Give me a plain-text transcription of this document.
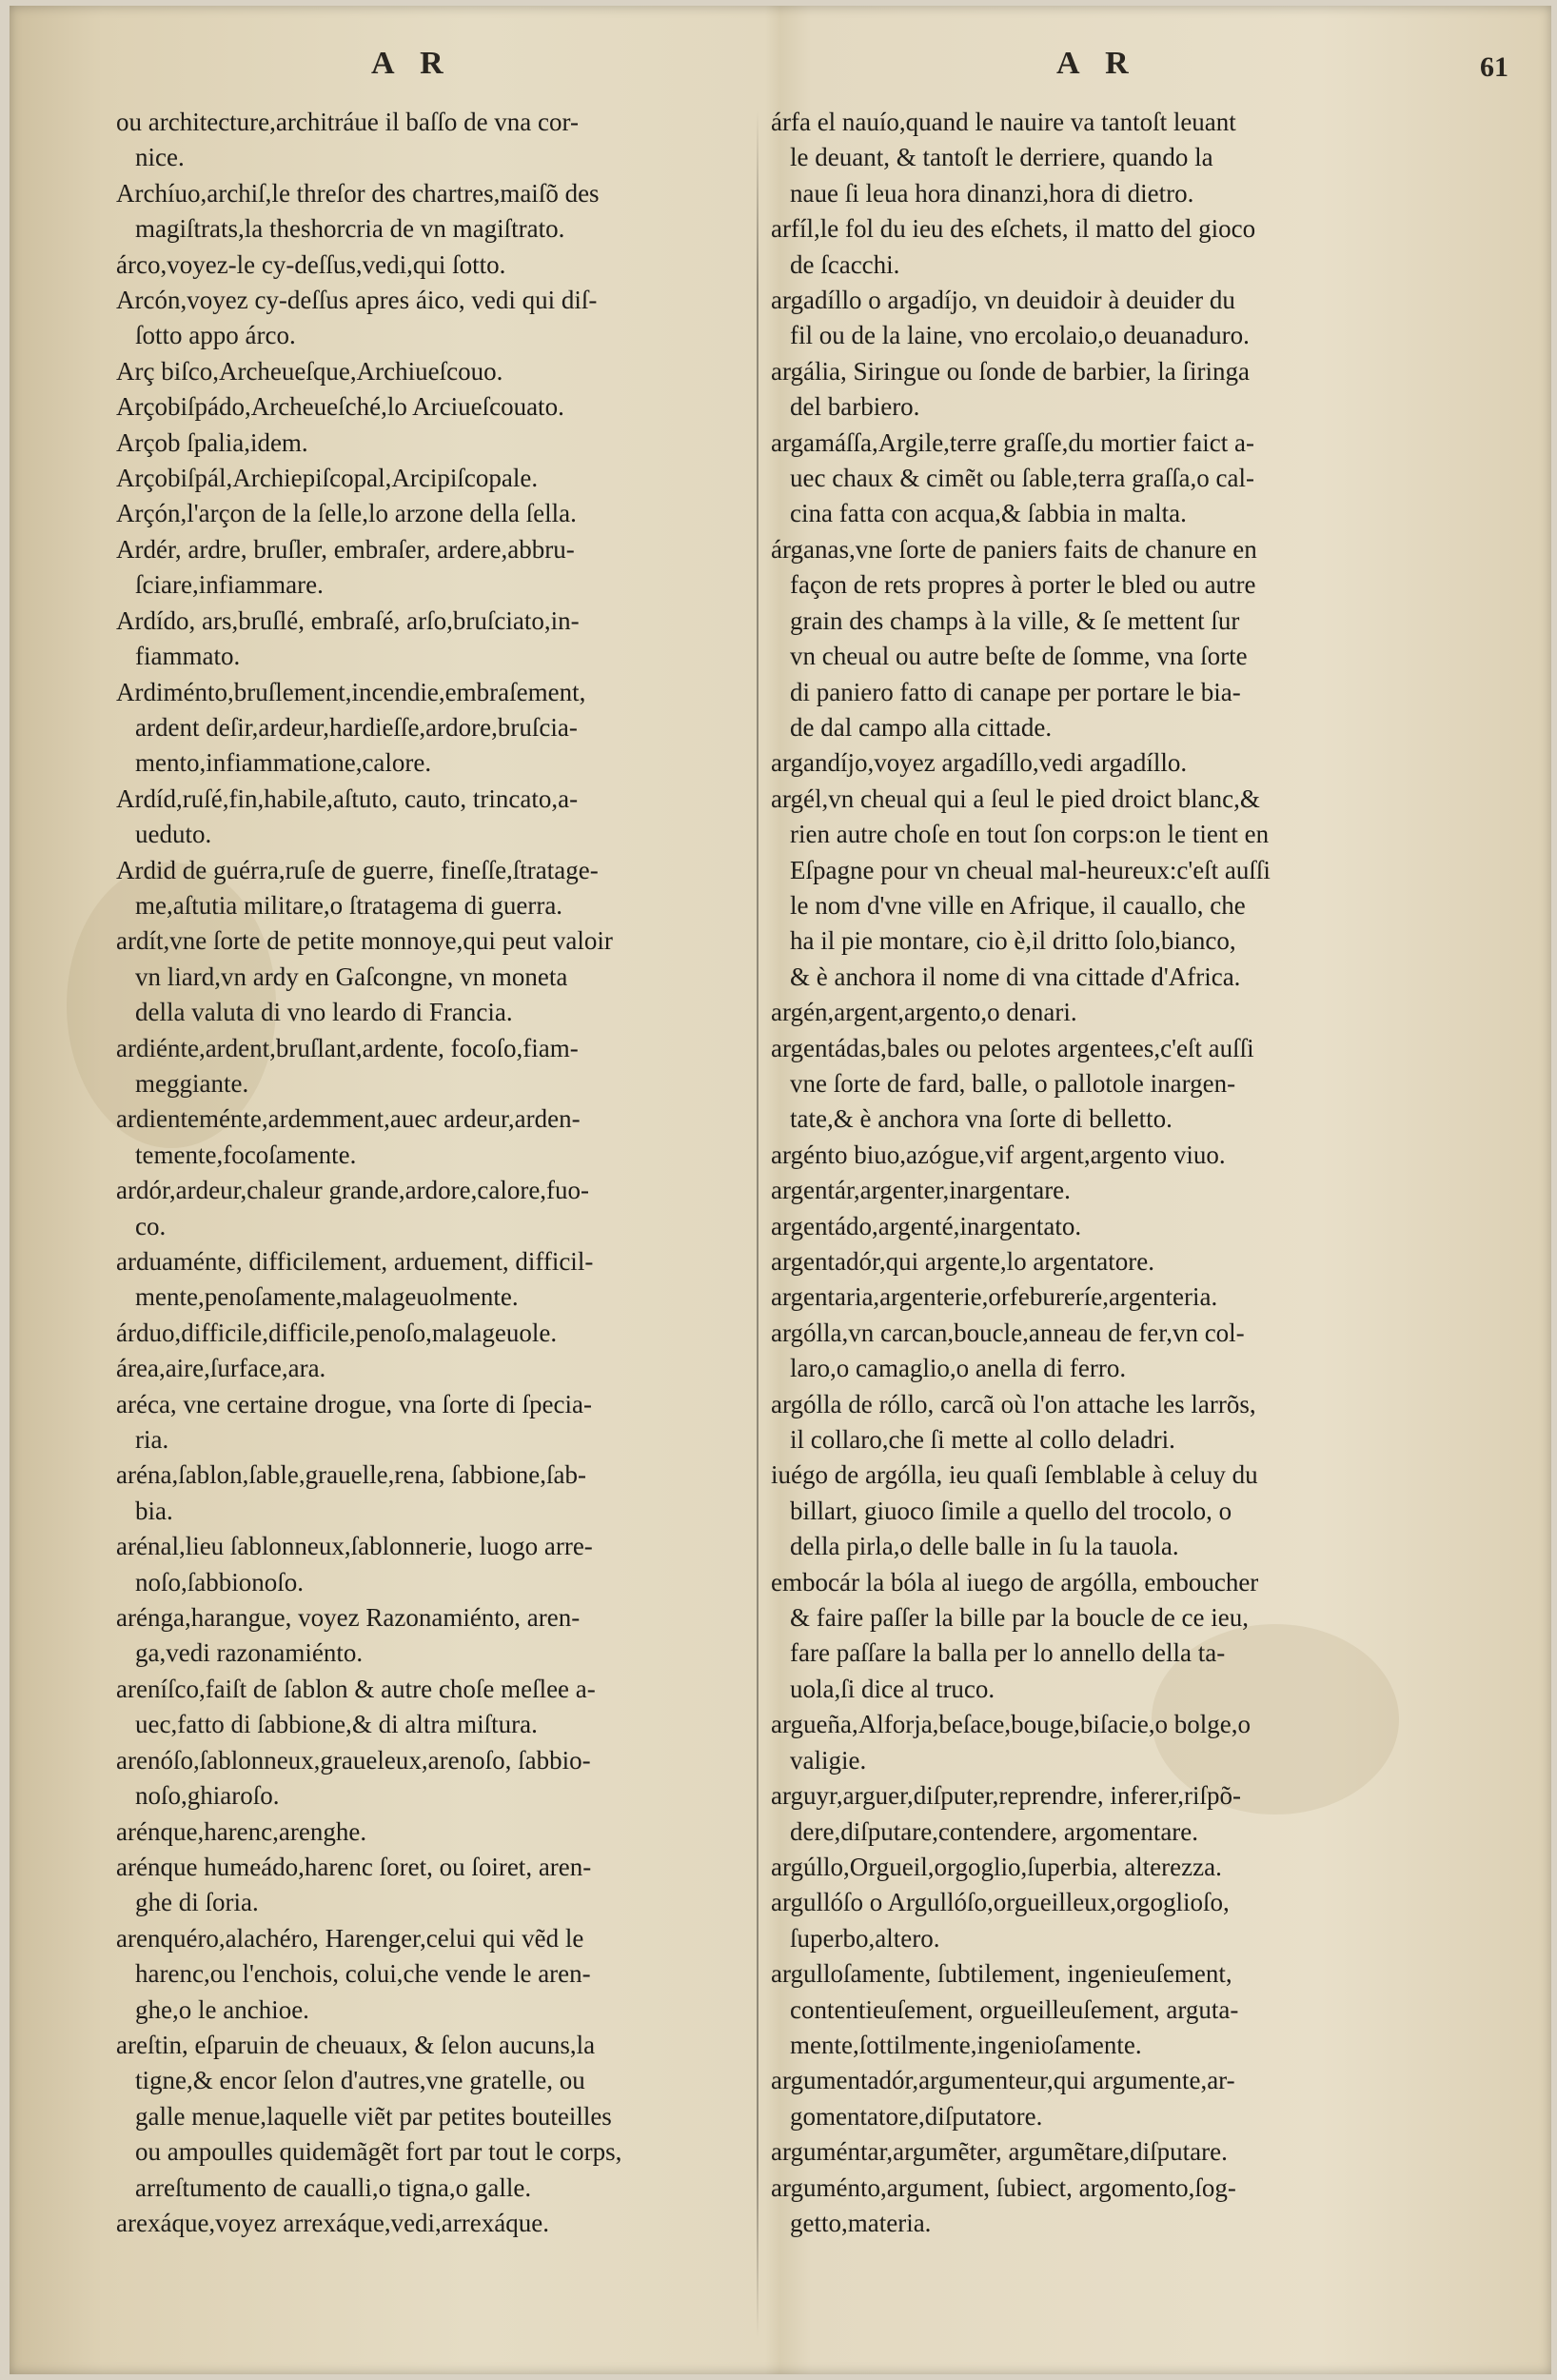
A R	A R	61
ou architecture,architráue il baſſo de vna cor-
nice.
Archíuo,archiſ,le threſor des chartres,maiſõ des
magiſtrats,la theshorcria de vn magiſtrato.
árco,voyez-le cy-deſſus,vedi,qui ſotto.
Arcón,voyez cy-deſſus apres áico, vedi qui diſ-
ſotto appo árco.
Arç biſco,Archeueſque,Archiueſcouo.
Arçobiſpádo,Archeueſché,lo Arciueſcouato.
Arçob ſpalia,idem.
Arçobiſpál,Archiepiſcopal,Arcipiſcopale.
Arçón,l'arçon de la ſelle,lo arzone della ſella.
Ardér, ardre, bruſler, embraſer, ardere,abbru-
ſciare,infiammare.
Ardído, ars,bruſlé, embraſé, arſo,bruſciato,in-
fiammato.
Ardiménto,bruſlement,incendie,embraſement,
ardent deſir,ardeur,hardieſſe,ardore,bruſcia-
mento,infiammatione,calore.
Ardíd,ruſé,fin,habile,aſtuto, cauto, trincato,a-
ueduto.
Ardid de guérra,ruſe de guerre, fineſſe,ſtratage-
me,aſtutia militare,o ſtratagema di guerra.
ardít,vne ſorte de petite monnoye,qui peut valoir
vn liard,vn ardy en Gaſcongne, vn moneta
della valuta di vno leardo di Francia.
ardiénte,ardent,bruſlant,ardente, focoſo,fiam-
meggiante.
ardienteménte,ardemment,auec ardeur,arden-
temente,focoſamente.
ardór,ardeur,chaleur grande,ardore,calore,fuo-
co.
arduaménte, difficilement, arduement, difficil-
mente,penoſamente,malageuolmente.
árduo,difficile,difficile,penoſo,malageuole.
área,aire,ſurface,ara.
aréca, vne certaine drogue, vna ſorte di ſpecia-
ria.
aréna,ſablon,ſable,grauelle,rena, ſabbione,ſab-
bia.
arénal,lieu ſablonneux,ſablonnerie, luogo arre-
noſo,ſabbionoſo.
aréngа,harangue, voyez Razonamiénto, aren-
ga,vedi razonamiénto.
areníſco,faiſt de ſablon & autre choſe meſlee a-
uec,fatto di ſabbione,& di altra miſtura.
arenóſo,ſablonneux,graueleux,arenoſo, ſabbio-
noſo,ghiaroſo.
arénque,harenc,arenghe.
arénque humeádo,harenc ſoret, ou ſoiret, aren-
ghe di ſoria.
arenquéro,alachéro, Harenger,celui qui vẽd le
harenc,ou l'enchois, colui,che vende le aren-
ghe,o le anchioe.
areſtin, eſparuin de cheuaux, & ſelon aucuns,la
tigne,& encor ſelon d'autres,vne gratelle, ou
galle menue,laquelle viẽt par petites bouteilles
ou ampoulles quidemãgẽt fort par tout le corps,
arreſtumento de caualli,o tigna,o galle.
arexáque,voyez arrexáque,vedi,arrexáque.
árfa el nauío,quand le nauire va tantoſt leuant
le deuant, & tantoſt le derriere, quando la
naue ſi leua hora dinanzi,hora di dietro.
arfíl,le fol du ieu des eſchets, il matto del gioco
de ſcacchi.
argadíllo o argadíjo, vn deuidoir à deuider du
fil ou de la laine, vno ercolaio,o deuanaduro.
argália, Siringue ou ſonde de barbier, la ſiringa
del barbiero.
argamáſſa,Argile,terre graſſe,du mortier faict a-
uec chaux & cimẽt ou ſable,terra graſſa,o cal-
cina fatta con acqua,& ſabbia in malta.
árganas,vne ſorte de paniers faits de chanure en
façon de rets propres à porter le bled ou autre
grain des champs à la ville, & ſe mettent ſur
vn cheual ou autre beſte de ſomme, vna ſorte
di paniero fatto di canape per portare le bia-
de dal campo alla cittade.
argandíjo,voyez argadíllo,vedi argadíllo.
argél,vn cheual qui a ſeul le pied droict blanc,&
rien autre choſe en tout ſon corps:on le tient en
Eſpagne pour vn cheual mal-heureux:c'eſt auſſi
le nom d'vne ville en Afrique, il cauallo, che
ha il pie montare, cio è,il dritto ſolo,bianco,
& è anchora il nome di vna cittade d'Africa.
argén,argent,argento,o denari.
argentádas,bales ou pelotes argentees,c'eſt auſſi
vne ſorte de fard, balle, o pallotole inargen-
tate,& è anchora vna ſorte di belletto.
argénto biuo,azógue,vif argent,argento viuo.
argentár,argenter,inargentare.
argentádo,argenté,inargentato.
argentadór,qui argente,lo argentatore.
argentaria,argenterie,orfebureríe,argenteria.
argólla,vn carcan,boucle,anneau de fer,vn col-
laro,o camaglio,o anella di ferro.
argólla de róllo, carcã où l'on attache les larrõs,
il collaro,che ſi mette al collo deladri.
iuégo de argólla, ieu quaſi ſemblable à celuy du
billart, giuoco ſimile a quello del trocolo, o
della pirla,o delle balle in ſu la tauola.
embocár la bóla al iuego de argólla, emboucher
& faire paſſer la bille par la boucle de ce ieu,
fare paſſare la balla per lo annello della ta-
uola,ſi dice al truco.
argueña,Alforja,beſace,bouge,biſacie,o bolge,o
valigie.
arguyr,arguer,diſputer,reprendre, inferer,riſpõ-
dere,diſputare,contendere, argomentare.
argúllo,Orgueil,orgoglio,ſuperbia, alterezza.
argullóſo o Argullóſo,orgueilleux,orgoglioſo,
ſuperbo,altero.
argulloſamente, ſubtilement, ingenieuſement,
contentieuſement, orgueilleuſement, arguta-
mente,ſottilmente,ingenioſamente.
argumentadór,argumenteur,qui argumente,ar-
gomentatore,diſputatore.
arguméntar,argumẽter, argumẽtare,diſputare.
arguménto,argument, ſubiect, argomento,ſog-
getto,materia.
